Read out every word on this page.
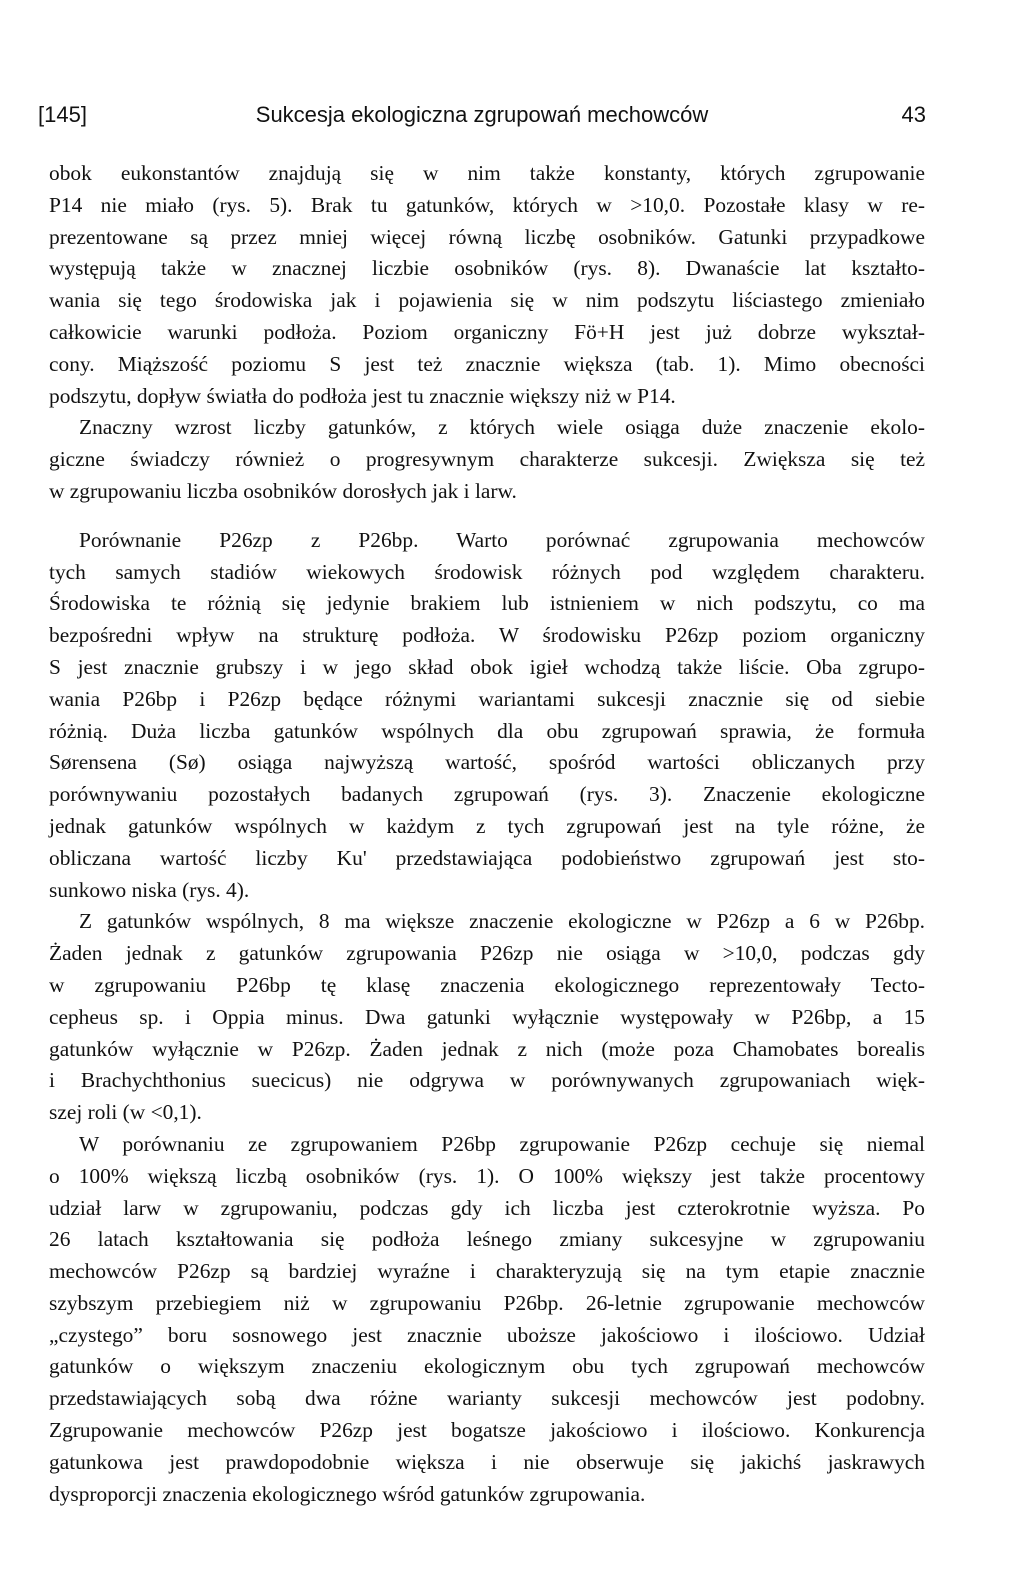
[145]	Sukcesja ekologiczna zgrupowań mechowców	43

obok eukonstantów znajdują się w nim także konstanty, których zgrupowanie
P14 nie miało (rys. 5). Brak tu gatunków, których w >10,0. Pozostałe klasy w re-
prezentowane są przez mniej więcej równą liczbę osobników. Gatunki przypadkowe
występują także w znacznej liczbie osobników (rys. 8). Dwanaście lat kształto-
wania się tego środowiska jak i pojawienia się w nim podszytu liściastego zmieniało
całkowicie warunki podłoża. Poziom organiczny Fö+H jest już dobrze wykształ-
cony. Miąższość poziomu S jest też znacznie większa (tab. 1). Mimo obecności
podszytu, dopływ światła do podłoża jest tu znacznie większy niż w P14.

Znaczny wzrost liczby gatunków, z których wiele osiąga duże znaczenie ekolo-
giczne świadczy również o progresywnym charakterze sukcesji. Zwiększa się też
w zgrupowaniu liczba osobników dorosłych jak i larw.

Porównanie P26zp z P26bp. Warto porównać zgrupowania mechowców
tych samych stadiów wiekowych środowisk różnych pod względem charakteru.
Środowiska te różnią się jedynie brakiem lub istnieniem w nich podszytu, co ma
bezpośredni wpływ na strukturę podłoża. W środowisku P26zp poziom organiczny
S jest znacznie grubszy i w jego skład obok igieł wchodzą także liście. Oba zgrupo-
wania P26bp i P26zp będące różnymi wariantami sukcesji znacznie się od siebie
różnią. Duża liczba gatunków wspólnych dla obu zgrupowań sprawia, że formuła
Sørensena (Sø) osiąga najwyższą wartość, spośród wartości obliczanych przy
porównywaniu pozostałych badanych zgrupowań (rys. 3). Znaczenie ekologiczne
jednak gatunków wspólnych w każdym z tych zgrupowań jest na tyle różne, że
obliczana wartość liczby Ku' przedstawiająca podobieństwo zgrupowań jest sto-
sunkowo niska (rys. 4).

Z gatunków wspólnych, 8 ma większe znaczenie ekologiczne w P26zp a 6 w P26bp.
Żaden jednak z gatunków zgrupowania P26zp nie osiąga w >10,0, podczas gdy
w zgrupowaniu P26bp tę klasę znaczenia ekologicznego reprezentowały Tecto-
cepheus sp. i Oppia minus. Dwa gatunki wyłącznie występowały w P26bp, a 15
gatunków wyłącznie w P26zp. Żaden jednak z nich (może poza Chamobates borealis
i Brachychthonius suecicus) nie odgrywa w porównywanych zgrupowaniach więk-
szej roli (w <0,1).

W porównaniu ze zgrupowaniem P26bp zgrupowanie P26zp cechuje się niemal
o 100% większą liczbą osobników (rys. 1). O 100% większy jest także procentowy
udział larw w zgrupowaniu, podczas gdy ich liczba jest czterokrotnie wyższa. Po
26 latach kształtowania się podłoża leśnego zmiany sukcesyjne w zgrupowaniu
mechowców P26zp są bardziej wyraźne i charakteryzują się na tym etapie znacznie
szybszym przebiegiem niż w zgrupowaniu P26bp. 26-letnie zgrupowanie mechowców
„czystego” boru sosnowego jest znacznie uboższe jakościowo i ilościowo. Udział
gatunków o większym znaczeniu ekologicznym obu tych zgrupowań mechowców
przedstawiających sobą dwa różne warianty sukcesji mechowców jest podobny.
Zgrupowanie mechowców P26zp jest bogatsze jakościowo i ilościowo. Konkurencja
gatunkowa jest prawdopodobnie większa i nie obserwuje się jakichś jaskrawych
dysproporcji znaczenia ekologicznego wśród gatunków zgrupowania.
